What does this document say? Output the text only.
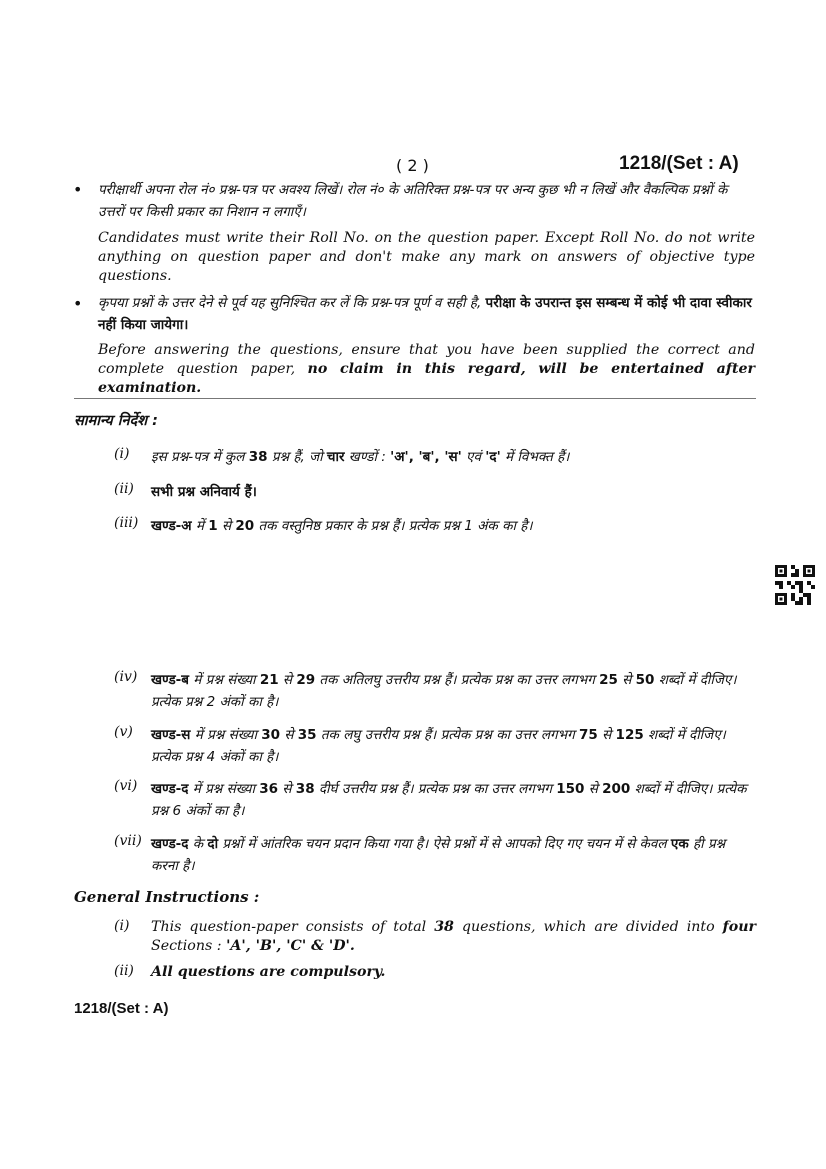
( 2 )	1218/(Set : A)
• परीक्षार्थी अपना रोल नं० प्रश्न-पत्र पर अवश्य लिखें। रोल नं० के अतिरिक्त प्रश्न-पत्र पर अन्य कुछ भी न लिखें और वैकल्पिक प्रश्नों के उत्तरों पर किसी प्रकार का निशान न लगाएँ।
Candidates must write their Roll No. on the question paper. Except Roll No. do not write anything on question paper and don't make any mark on answers of objective type questions.
• कृपया प्रश्नों के उत्तर देने से पूर्व यह सुनिश्चित कर लें कि प्रश्न-पत्र पूर्ण व सही है, परीक्षा के उपरान्त इस सम्बन्ध में कोई भी दावा स्वीकार नहीं किया जायेगा।
Before answering the questions, ensure that you have been supplied the correct and complete question paper, no claim in this regard, will be entertained after examination.
सामान्य निर्देश :
(i) इस प्रश्न-पत्र में कुल 38 प्रश्न हैं, जो चार खण्डों : 'अ', 'ब', 'स' एवं 'द' में विभक्त हैं।
(ii) सभी प्रश्न अनिवार्य हैं।
(iii) खण्ड-अ में 1 से 20 तक वस्तुनिष्ठ प्रकार के प्रश्न हैं। प्रत्येक प्रश्न 1 अंक का है।
(iv) खण्ड-ब में प्रश्न संख्या 21 से 29 तक अतिलघु उत्तरीय प्रश्न हैं। प्रत्येक प्रश्न का उत्तर लगभग 25 से 50 शब्दों में दीजिए। प्रत्येक प्रश्न 2 अंकों का है।
(v) खण्ड-स में प्रश्न संख्या 30 से 35 तक लघु उत्तरीय प्रश्न हैं। प्रत्येक प्रश्न का उत्तर लगभग 75 से 125 शब्दों में दीजिए। प्रत्येक प्रश्न 4 अंकों का है।
(vi) खण्ड-द में प्रश्न संख्या 36 से 38 दीर्घ उत्तरीय प्रश्न हैं। प्रत्येक प्रश्न का उत्तर लगभग 150 से 200 शब्दों में दीजिए। प्रत्येक प्रश्न 6 अंकों का है।
(vii) खण्ड-द के दो प्रश्नों में आंतरिक चयन प्रदान किया गया है। ऐसे प्रश्नों में से आपको दिए गए चयन में से केवल एक ही प्रश्न करना है।
General Instructions :
(i) This question-paper consists of total 38 questions, which are divided into four Sections : 'A', 'B', 'C' & 'D'.
(ii) All questions are compulsory.
1218/(Set : A)
